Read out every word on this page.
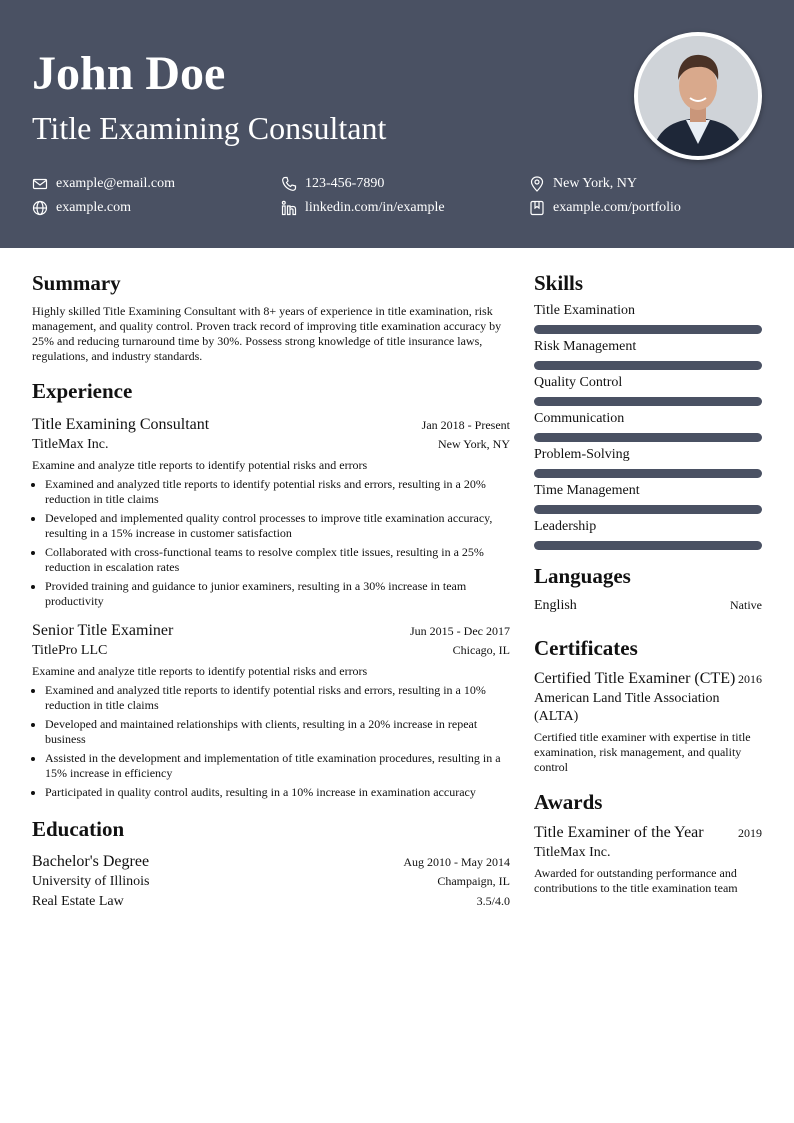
John Doe
Title Examining Consultant
example@email.com	123-456-7890	New York, NY
example.com	linkedin.com/in/example	example.com/portfolio
Summary
Highly skilled Title Examining Consultant with 8+ years of experience in title examination, risk management, and quality control. Proven track record of improving title examination accuracy by 25% and reducing turnaround time by 30%. Possess strong knowledge of title insurance laws, regulations, and industry standards.
Experience
Title Examining Consultant	Jan 2018 - Present
TitleMax Inc.	New York, NY
Examine and analyze title reports to identify potential risks and errors
• Examined and analyzed title reports to identify potential risks and errors, resulting in a 20% reduction in title claims
• Developed and implemented quality control processes to improve title examination accuracy, resulting in a 15% increase in customer satisfaction
• Collaborated with cross-functional teams to resolve complex title issues, resulting in a 25% reduction in escalation rates
• Provided training and guidance to junior examiners, resulting in a 30% increase in team productivity
Senior Title Examiner	Jun 2015 - Dec 2017
TitlePro LLC	Chicago, IL
Examine and analyze title reports to identify potential risks and errors
• Examined and analyzed title reports to identify potential risks and errors, resulting in a 10% reduction in title claims
• Developed and maintained relationships with clients, resulting in a 20% increase in repeat business
• Assisted in the development and implementation of title examination procedures, resulting in a 15% increase in efficiency
• Participated in quality control audits, resulting in a 10% increase in examination accuracy
Education
Bachelor's Degree	Aug 2010 - May 2014
University of Illinois	Champaign, IL
Real Estate Law	3.5/4.0
Skills
Title Examination
Risk Management
Quality Control
Communication
Problem-Solving
Time Management
Leadership
Languages
English	Native
Certificates
Certified Title Examiner (CTE) 2016
American Land Title Association (ALTA)
Certified title examiner with expertise in title examination, risk management, and quality control
Awards
Title Examiner of the Year	2019
TitleMax Inc.
Awarded for outstanding performance and contributions to the title examination team
